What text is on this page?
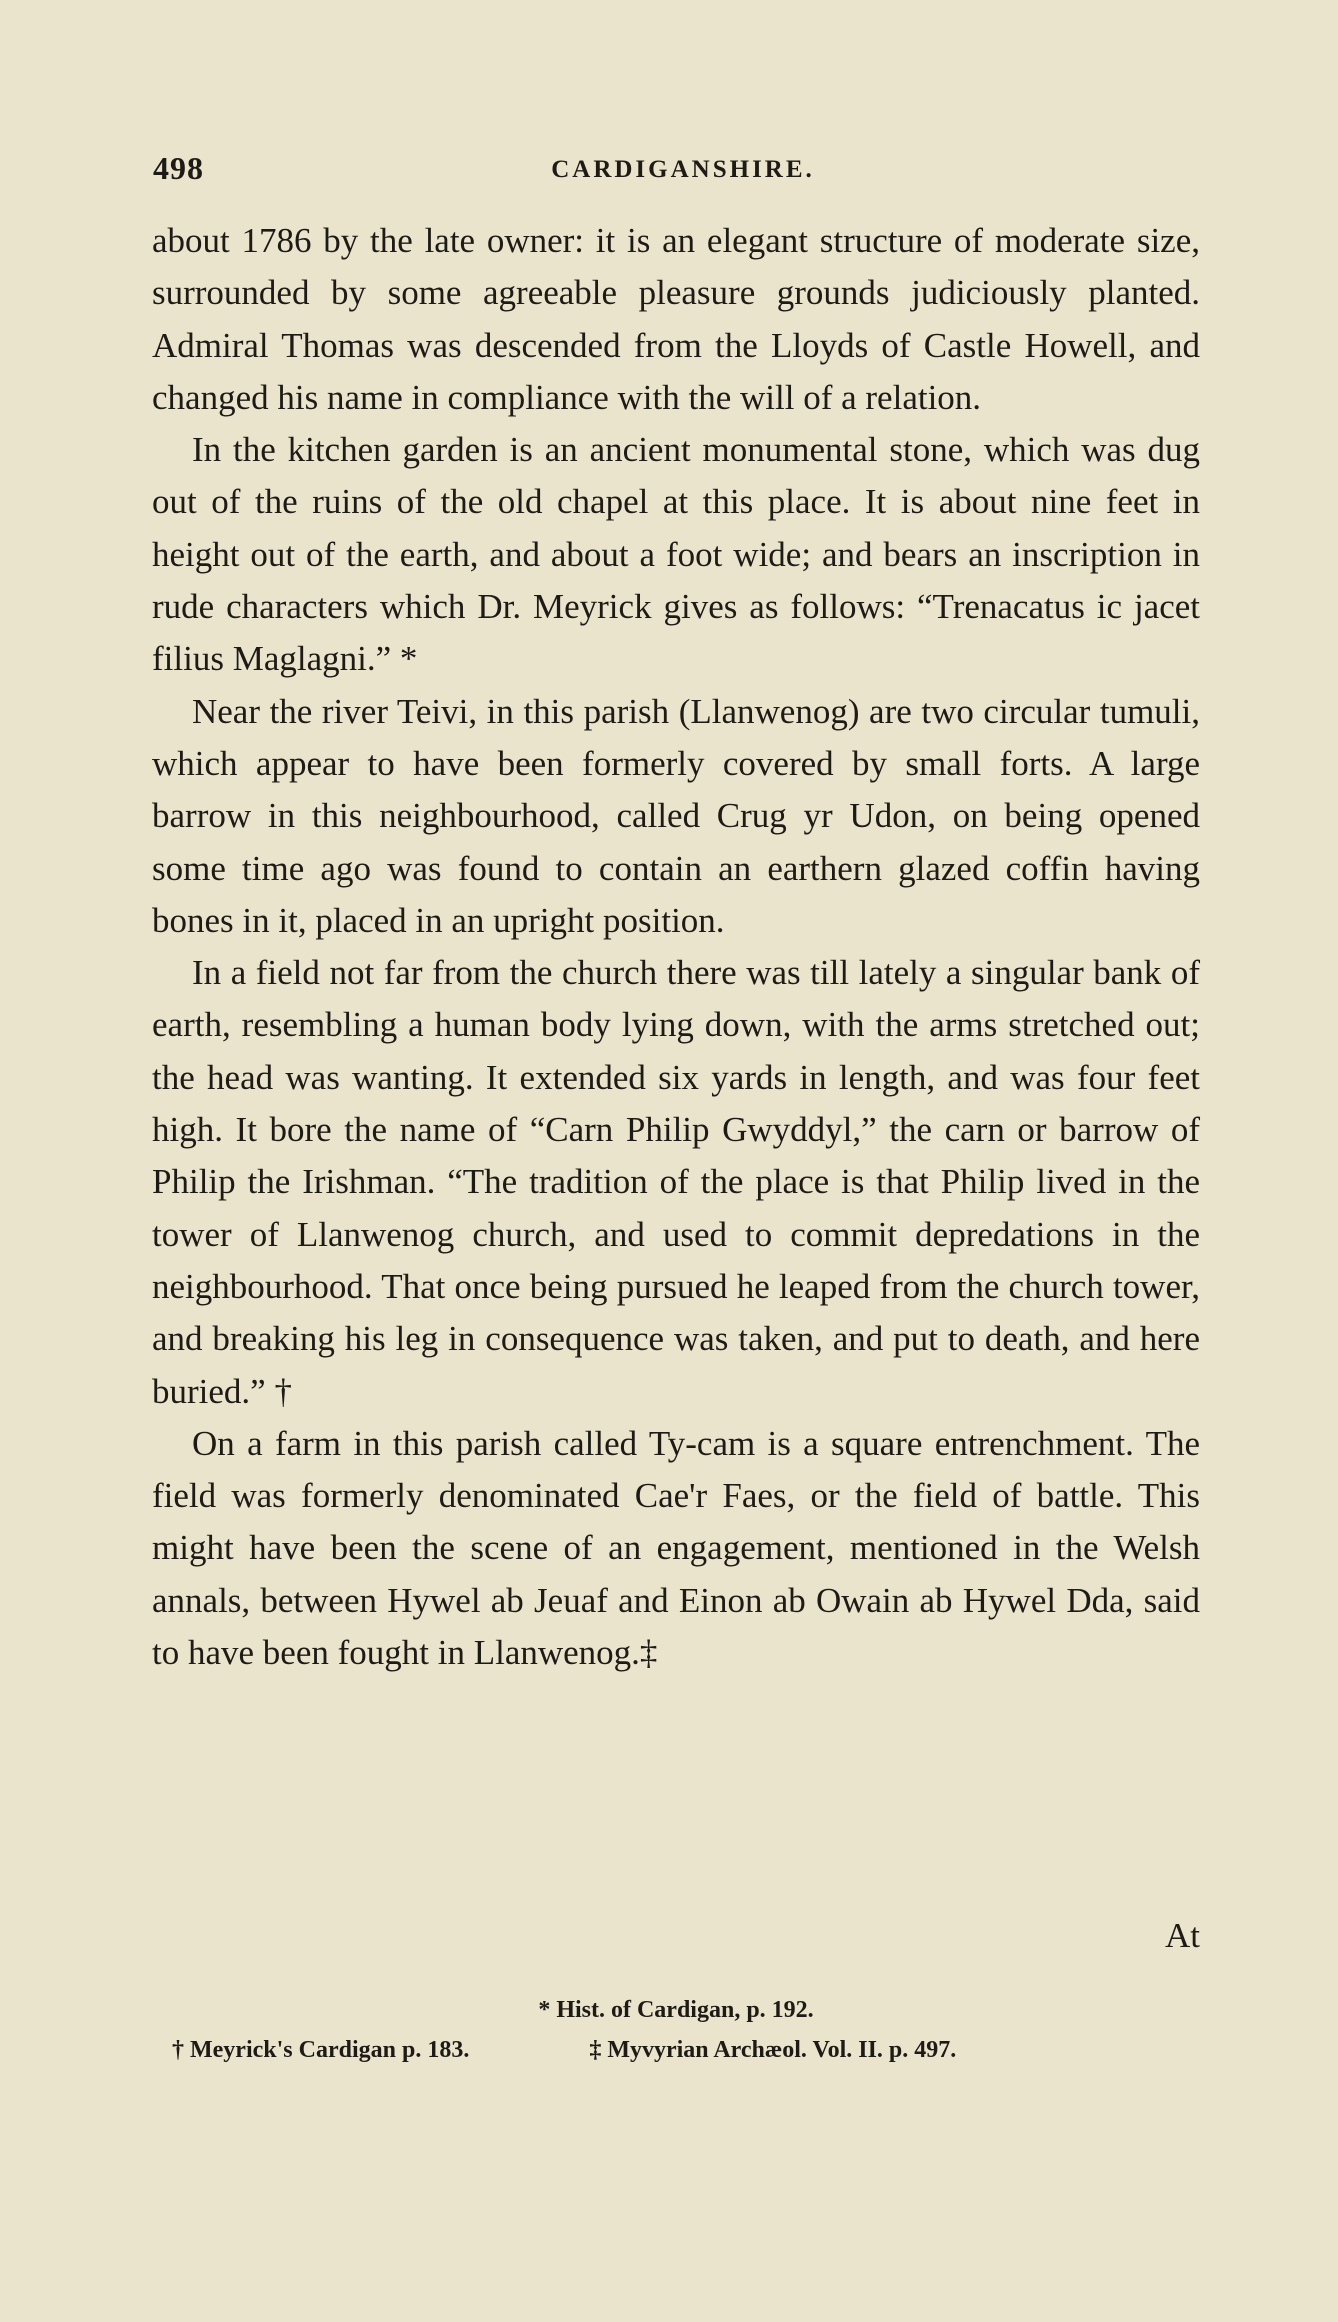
498	CARDIGANSHIRE.

about 1786 by the late owner: it is an elegant structure of moderate size, surrounded by some agreeable pleasure grounds judiciously planted. Admiral Thomas was descended from the Lloyds of Castle Howell, and changed his name in compliance with the will of a relation.

In the kitchen garden is an ancient monumental stone, which was dug out of the ruins of the old chapel at this place. It is about nine feet in height out of the earth, and about a foot wide; and bears an inscription in rude characters which Dr. Meyrick gives as follows: “Trenacatus ic jacet filius Maglagni.” *

Near the river Teivi, in this parish (Llanwenog) are two circular tumuli, which appear to have been formerly covered by small forts. A large barrow in this neighbourhood, called Crug yr Udon, on being opened some time ago was found to contain an earthern glazed coffin having bones in it, placed in an upright position.

In a field not far from the church there was till lately a singular bank of earth, resembling a human body lying down, with the arms stretched out; the head was wanting. It extended six yards in length, and was four feet high. It bore the name of “Carn Philip Gwyddyl,” the carn or barrow of Philip the Irishman. “The tradition of the place is that Philip lived in the tower of Llanwenog church, and used to commit depredations in the neighbourhood. That once being pursued he leaped from the church tower, and breaking his leg in consequence was taken, and put to death, and here buried.” †

On a farm in this parish called Ty-cam is a square entrenchment. The field was formerly denominated Cae'r Faes, or the field of battle. This might have been the scene of an engagement, mentioned in the Welsh annals, between Hywel ab Jeuaf and Einon ab Owain ab Hywel Dda, said to have been fought in Llanwenog.‡

At
* Hist. of Cardigan, p. 192.
† Meyrick's Cardigan p. 183.	‡ Myvyrian Archæol. Vol. II. p. 497.
